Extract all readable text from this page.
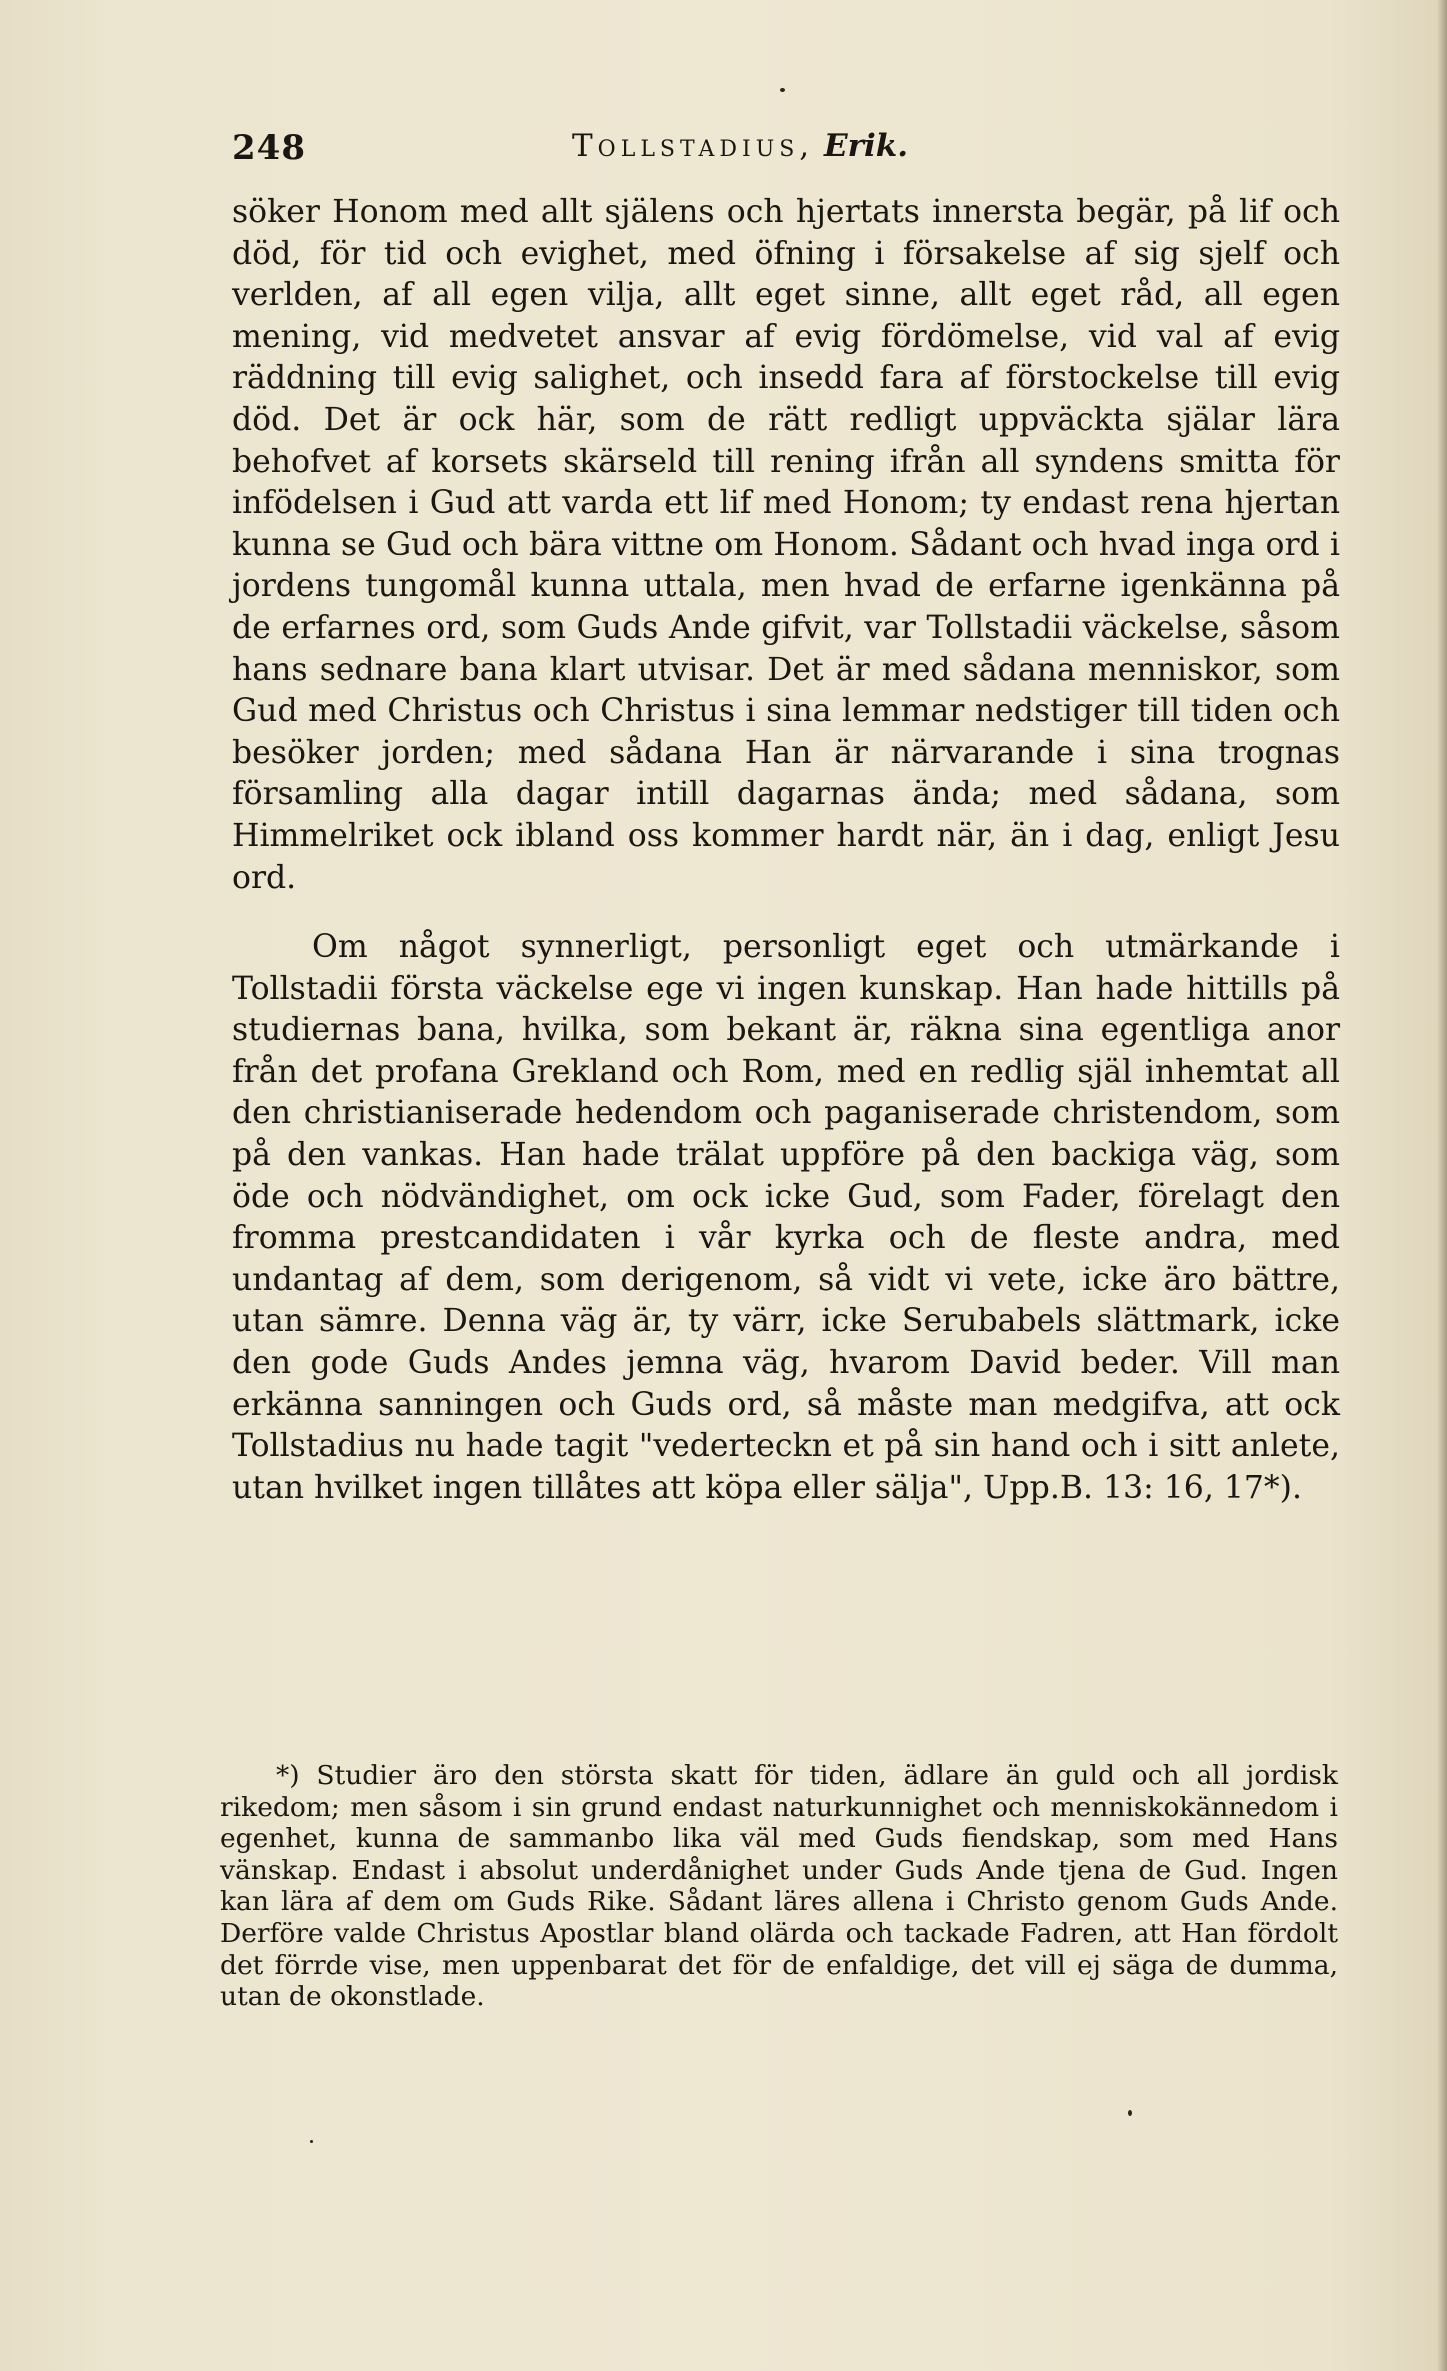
248	Tollstadius, Erik.

söker Honom med allt själens och hjertats innersta begär, på lif och död, för tid och evighet, med öfning i försakelse af sig sjelf och verlden, af all egen vilja, allt eget sinne, allt eget råd, all egen mening, vid medvetet ansvar af evig fördömelse, vid val af evig räddning till evig salighet, och insedd fara af förstockelse till evig död. Det är ock här, som de rätt redligt uppväckta själar lära behofvet af korsets skärseld till rening ifrån all syndens smitta för infödelsen i Gud att varda ett lif med Honom; ty endast rena hjertan kunna se Gud och bära vittne om Honom. Sådant och hvad inga ord i jordens tungomål kunna uttala, men hvad de erfarne igenkänna på de erfarnes ord, som Guds Ande gifvit, var Tollstadii väckelse, såsom hans sednare bana klart utvisar. Det är med sådana menniskor, som Gud med Christus och Christus i sina lemmar nedstiger till tiden och besöker jorden; med sådana Han är närvarande i sina trognas församling alla dagar intill dagarnas ända; med sådana, som Himmelriket ock ibland oss kommer hardt när, än i dag, enligt Jesu ord.

Om något synnerligt, personligt eget och utmärkande i Tollstadii första väckelse ege vi ingen kunskap. Han hade hittills på studiernas bana, hvilka, som bekant är, räkna sina egentliga anor från det profana Grekland och Rom, med en redlig själ inhemtat all den christianiserade hedendom och paganiserade christendom, som på den vankas. Han hade trälat uppföre på den backiga väg, som öde och nödvändighet, om ock icke Gud, som Fader, förelagt den fromma prestcandidaten i vår kyrka och de fleste andra, med undantag af dem, som derigenom, så vidt vi vete, icke äro bättre, utan sämre. Denna väg är, ty värr, icke Serubabels slättmark, icke den gode Guds Andes jemna väg, hvarom David beder. Vill man erkänna sanningen och Guds ord, så måste man medgifva, att ock Tollstadius nu hade tagit "vederteckn et på sin hand och i sitt anlete, utan hvilket ingen tillåtes att köpa eller sälja", Upp.B. 13: 16, 17*).

*) Studier äro den största skatt för tiden, ädlare än guld och all jordisk rikedom; men såsom i sin grund endast naturkunnighet och menniskokännedom i egenhet, kunna de sammanbo lika väl med Guds fiendskap, som med Hans vänskap. Endast i absolut underdånighet under Guds Ande tjena de Gud. Ingen kan lära af dem om Guds Rike. Sådant läres allena i Christo genom Guds Ande. Derföre valde Christus Apostlar bland olärda och tackade Fadren, att Han fördolt det förrde vise, men uppenbarat det för de enfaldige, det vill ej säga de dumma, utan de okonstlade.
